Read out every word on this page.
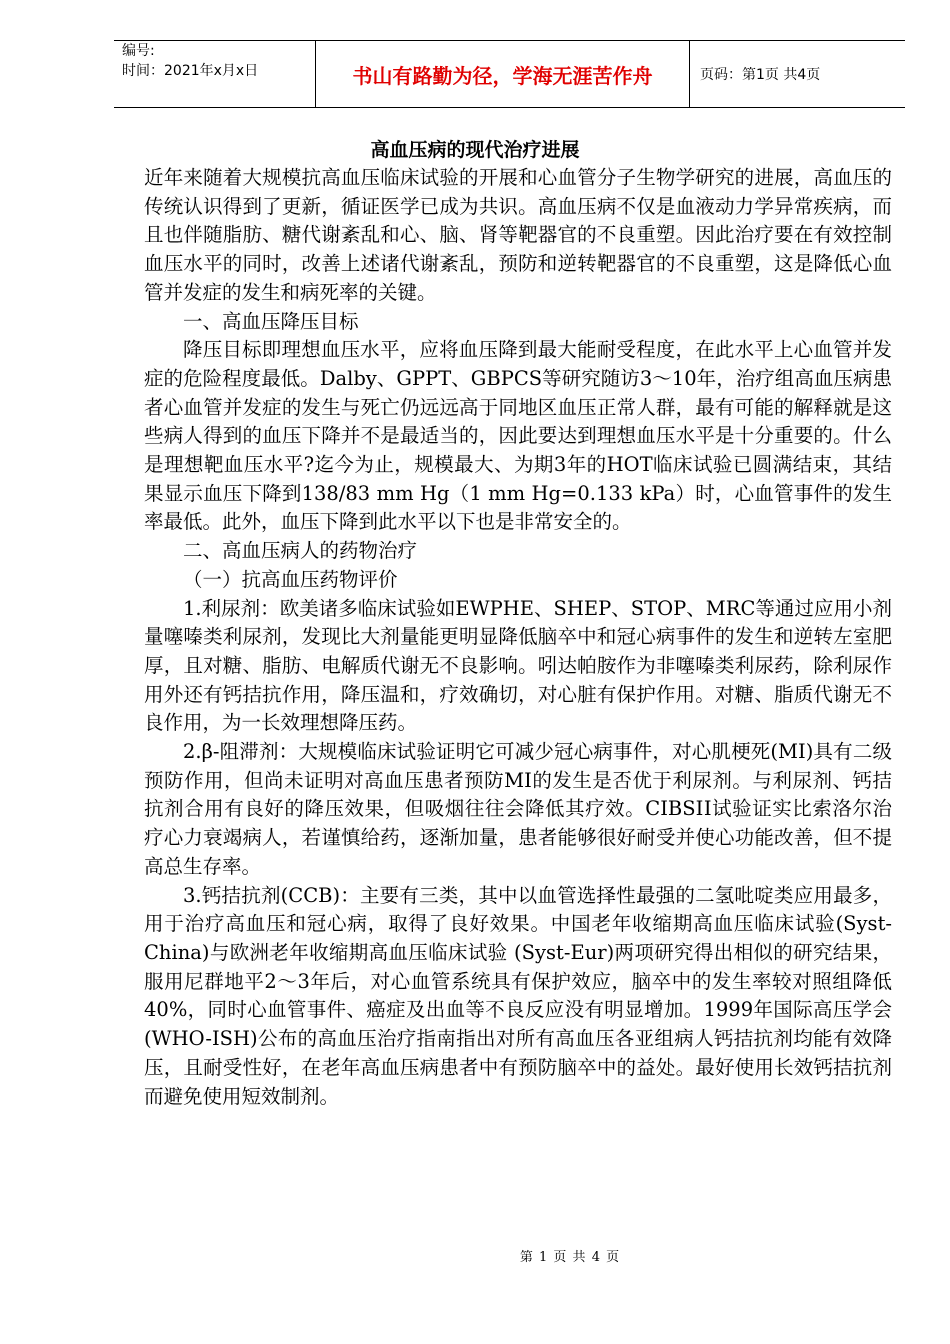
编号:
时间：2021年x月x日	书山有路勤为径，学海无涯苦作舟	页码：第1页 共4页
高血压病的现代治疗进展

近年来随着大规模抗高血压临床试验的开展和心血管分子生物学研究的进展，高血压的传统认识得到了更新，循证医学已成为共识。高血压病不仅是血液动力学异常疾病，而且也伴随脂肪、糖代谢紊乱和心、脑、肾等靶器官的不良重塑。因此治疗要在有效控制血压水平的同时，改善上述诸代谢紊乱，预防和逆转靶器官的不良重塑，这是降低心血管并发症的发生和病死率的关键。

一、高血压降压目标

降压目标即理想血压水平，应将血压降到最大能耐受程度，在此水平上心血管并发症的危险程度最低。Dalby、GPPT、GBPCS等研究随访3～10年，治疗组高血压病患者心血管并发症的发生与死亡仍远远高于同地区血压正常人群，最有可能的解释就是这些病人得到的血压下降并不是最适当的，因此要达到理想血压水平是十分重要的。什么是理想靶血压水平?迄今为止，规模最大、为期3年的HOT临床试验已圆满结束，其结果显示血压下降到138/83 mm Hg（1 mm Hg=0.133 kPa）时，心血管事件的发生率最低。此外，血压下降到此水平以下也是非常安全的。

二、高血压病人的药物治疗

（一）抗高血压药物评价

1.利尿剂：欧美诸多临床试验如EWPHE、SHEP、STOP、MRC等通过应用小剂量噻嗪类利尿剂，发现比大剂量能更明显降低脑卒中和冠心病事件的发生和逆转左室肥厚，且对糖、脂肪、电解质代谢无不良影响。吲达帕胺作为非噻嗪类利尿药，除利尿作用外还有钙拮抗作用，降压温和，疗效确切，对心脏有保护作用。对糖、脂质代谢无不良作用，为一长效理想降压药。

2.β-阻滞剂：大规模临床试验证明它可减少冠心病事件，对心肌梗死(MI)具有二级预防作用，但尚未证明对高血压患者预防MI的发生是否优于利尿剂。与利尿剂、钙拮抗剂合用有良好的降压效果，但吸烟往往会降低其疗效。CIBSIⅠ试验证实比索洛尔治疗心力衰竭病人，若谨慎给药，逐渐加量，患者能够很好耐受并使心功能改善，但不提高总生存率。

3.钙拮抗剂(CCB)：主要有三类，其中以血管选择性最强的二氢吡啶类应用最多，用于治疗高血压和冠心病，取得了良好效果。中国老年收缩期高血压临床试验(Syst-China)与欧洲老年收缩期高血压临床试验 (Syst-Eur)两项研究得出相似的研究结果，服用尼群地平2～3年后，对心血管系统具有保护效应，脑卒中的发生率较对照组降低40%，同时心血管事件、癌症及出血等不良反应没有明显增加。1999年国际高压学会(WHO-ISH)公布的高血压治疗指南指出对所有高血压各亚组病人钙拮抗剂均能有效降压，且耐受性好，在老年高血压病患者中有预防脑卒中的益处。最好使用长效钙拮抗剂而避免使用短效制剂。

第 1 页 共 4 页
